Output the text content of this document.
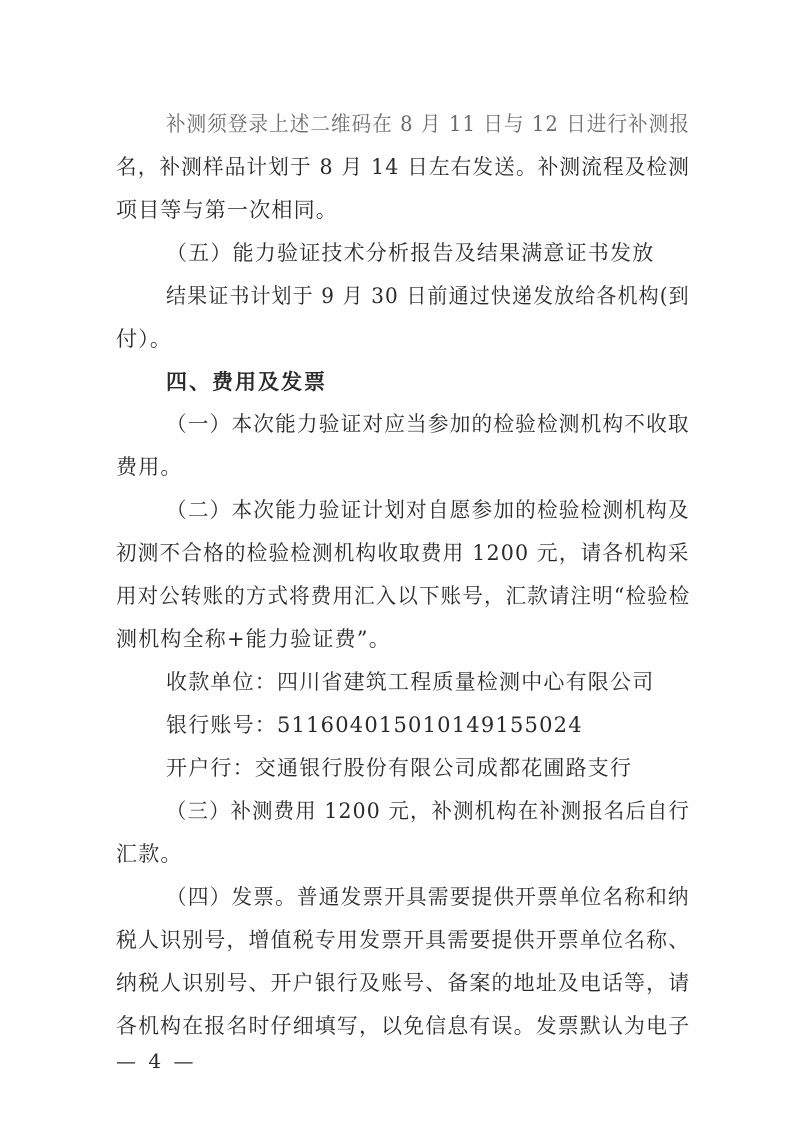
补测须登录上述二维码在 8 月 11 日与 12 日进行补测报
名，补测样品计划于 8 月 14 日左右发送。补测流程及检测
项目等与第一次相同。
（五）能力验证技术分析报告及结果满意证书发放
结果证书计划于 9 月 30 日前通过快递发放给各机构(到
付）。
四、费用及发票
（一）本次能力验证对应当参加的检验检测机构不收取
费用。
（二）本次能力验证计划对自愿参加的检验检测机构及
初测不合格的检验检测机构收取费用 1200 元，请各机构采
用对公转账的方式将费用汇入以下账号，汇款请注明“检验检
测机构全称+能力验证费”。
收款单位：四川省建筑工程质量检测中心有限公司
银行账号：51160401501014915502​4
开户行：交通银行股份有限公司成都花圃路支行
（三）补测费用 1200 元，补测机构在补测报名后自行
汇款。
（四）发票。普通发票开具需要提供开票单位名称和纳
税人识别号，增值税专用发票开具需要提供开票单位名称、
纳税人识别号、开户银行及账号、备案的地址及电话等，请
各机构在报名时仔细填写，以免信息有误。发票默认为电子
— 4 —
